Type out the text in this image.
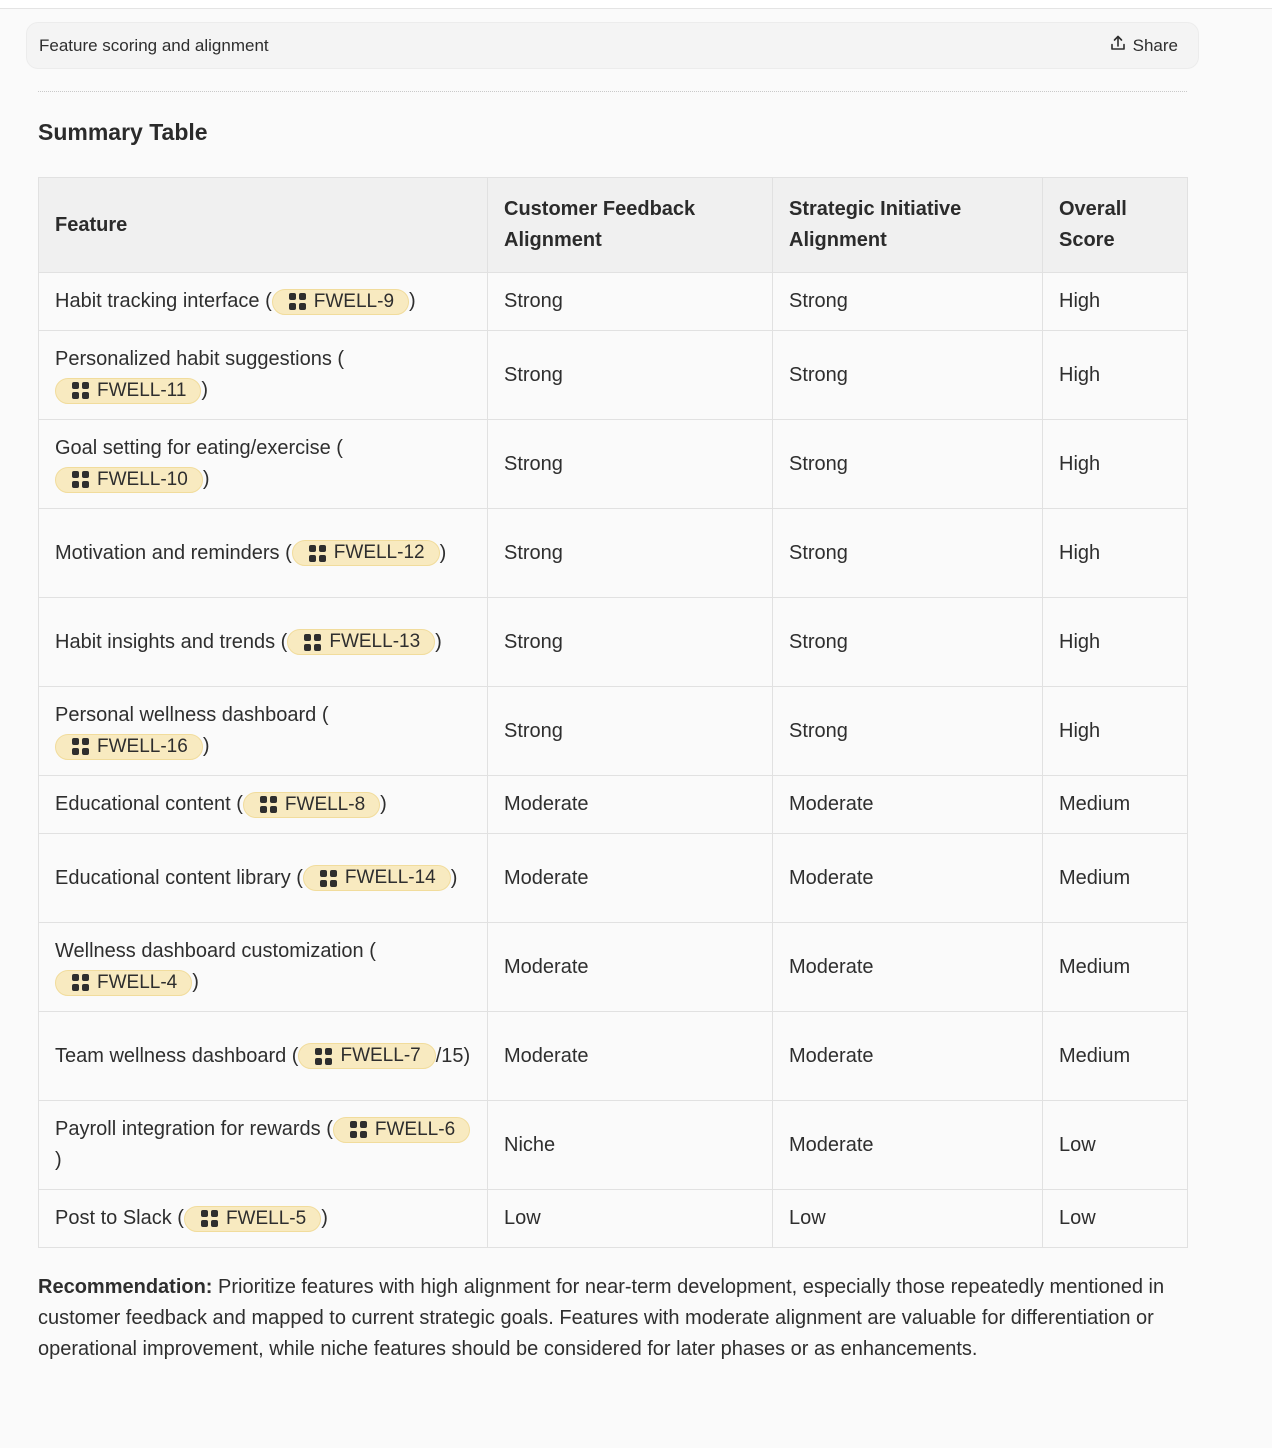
Feature scoring and alignment	Share
Summary Table
Feature	Customer Feedback Alignment	Strategic Initiative Alignment	Overall Score
Habit tracking interface ( FWELL-9 )	Strong	Strong	High
Personalized habit suggestions (
FWELL-11 )	Strong	Strong	High
Goal setting for eating/exercise (
FWELL-10 )	Strong	Strong	High
Motivation and reminders ( FWELL-12 )	Strong	Strong	High
Habit insights and trends ( FWELL-13 )	Strong	Strong	High
Personal wellness dashboard (
FWELL-16 )	Strong	Strong	High
Educational content ( FWELL-8 )	Moderate	Moderate	Medium
Educational content library ( FWELL-14 )	Moderate	Moderate	Medium
Wellness dashboard customization (
FWELL-4 )	Moderate	Moderate	Medium
Team wellness dashboard ( FWELL-7 /15)	Moderate	Moderate	Medium
Payroll integration for rewards ( FWELL-6
)	Niche	Moderate	Low
Post to Slack ( FWELL-5 )	Low	Low	Low

Recommendation: Prioritize features with high alignment for near-term development, especially those repeatedly mentioned in customer feedback and mapped to current strategic goals. Features with moderate alignment are valuable for differentiation or operational improvement, while niche features should be considered for later phases or as enhancements.
